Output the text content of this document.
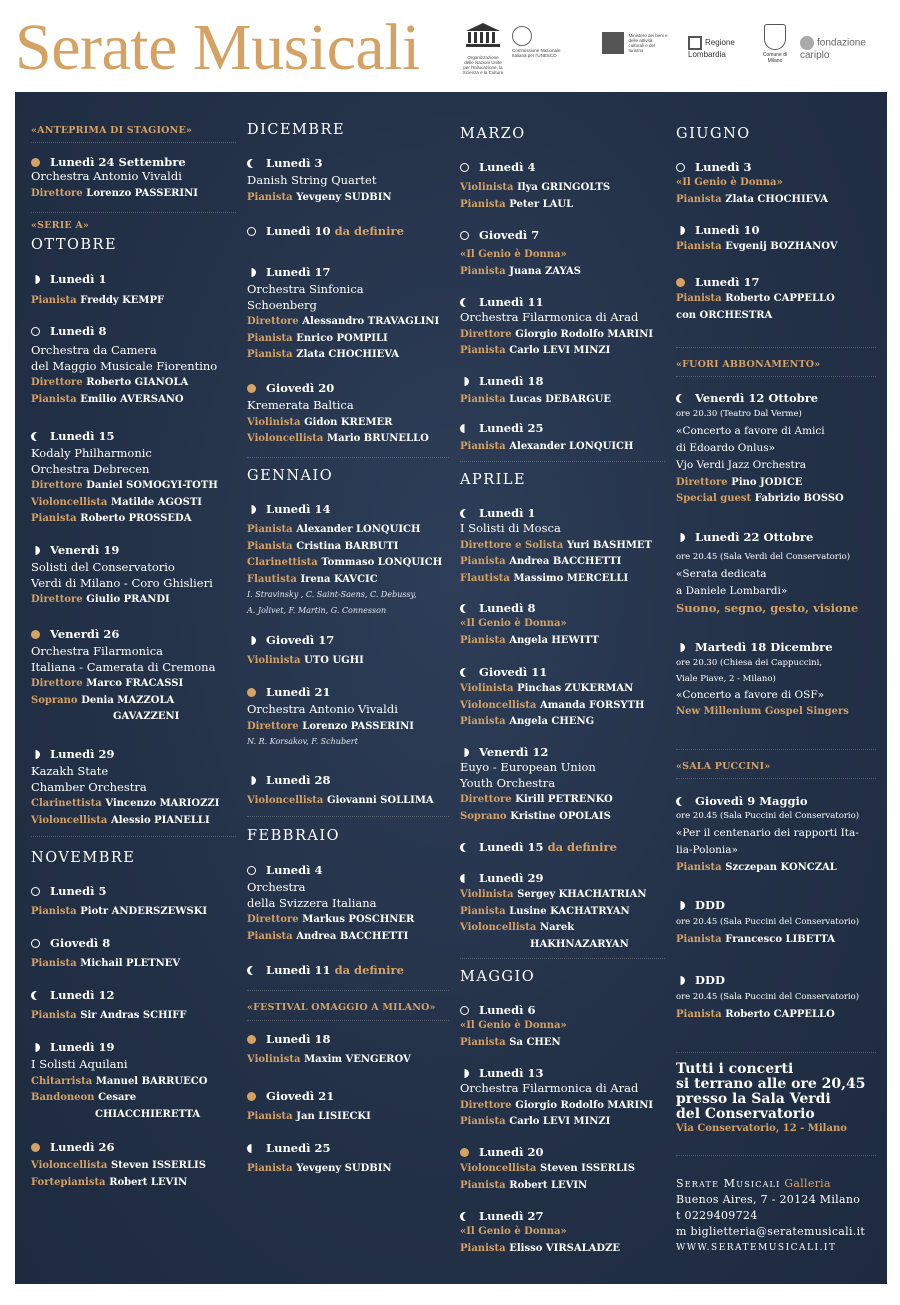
Serate Musicali	Organizzazione delle Nazioni Unite per l'Educazione, la Scienza e la Cultura
Commissione Nazionale Italiana per l'UNESCO
Ministero dei beni e delle attività culturali e del turismo
Regione Lombardia	Comune di Milano
fondazione cariplo
«ANTEPRIMA DI STAGIONE»
Lunedì 24 Settembre
Orchestra Antonio Vivaldi
Direttore Lorenzo PASSERINI
«SERIE A»
OTTOBRE
Lunedì 1
Pianista Freddy KEMPF
Lunedì 8
Orchestra da Camera
del Maggio Musicale Fiorentino
Direttore Roberto GIANOLA
Pianista Emilio AVERSANO
Lunedì 15
Kodaly Philharmonic
Orchestra Debrecen
Direttore Daniel SOMOGYI-TOTH
Violoncellista Matilde AGOSTI
Pianista Roberto PROSSEDA
Venerdì 19
Solisti del Conservatorio
Verdi di Milano - Coro Ghislieri
Direttore Giulio PRANDI
Venerdì 26
Orchestra Filarmonica
Italiana - Camerata di Cremona
Direttore Marco FRACASSI
Soprano Denia MAZZOLA
GAVAZZENI
Lunedì 29
Kazakh State
Chamber Orchestra
Clarinettista Vincenzo MARIOZZI
Violoncellista Alessio PIANELLI
NOVEMBRE
Lunedì 5
Pianista Piotr ANDERSZEWSKI
Giovedì 8
Pianista Michail PLETNEV
Lunedì 12
Pianista Sir Andras SCHIFF
Lunedì 19
I Solisti Aquilani
Chitarrista Manuel BARRUECO
Bandoneon Cesare
CHIACCHIERETTA
Lunedì 26
Violoncellista Steven ISSERLIS
Fortepianista Robert LEVIN
DICEMBRE
Lunedì 3
Danish String Quartet
Pianista Yevgeny SUDBIN
Lunedì 10 da definire
Lunedì 17
Orchestra Sinfonica
Schoenberg
Direttore Alessandro TRAVAGLINI
Pianista Enrico POMPILI
Pianista Zlata CHOCHIEVA
Giovedì 20
Kremerata Baltica
Violinista Gidon KREMER
Violoncellista Mario BRUNELLO
GENNAIO
Lunedì 14
Pianista Alexander LONQUICH
Pianista Cristina BARBUTI
Clarinettista Tommaso LONQUICH
Flautista Irena KAVCIC
I. Stravinsky , C. Saint-Saens, C. Debussy,
A. Jolivet, F. Martin, G. Connesson
Giovedì 17
Violinista UTO UGHI
Lunedì 21
Orchestra Antonio Vivaldi
Direttore Lorenzo PASSERINI
N. R. Korsakov, F. Schubert
Lunedì 28
Violoncellista Giovanni SOLLIMA
FEBBRAIO
Lunedì 4
Orchestra
della Svizzera Italiana
Direttore Markus POSCHNER
Pianista Andrea BACCHETTI
Lunedì 11 da definire
«FESTIVAL OMAGGIO A MILANO»
Lunedì 18
Violinista Maxim VENGEROV
Giovedì 21
Pianista Jan LISIECKI
Lunedì 25
Pianista Yevgeny SUDBIN
MARZO
Lunedì 4
Violinista Ilya GRINGOLTS
Pianista Peter LAUL
Giovedì 7
«Il Genio è Donna»
Pianista Juana ZAYAS
Lunedì 11
Orchestra Filarmonica di Arad
Direttore Giorgio Rodolfo MARINI
Pianista Carlo LEVI MINZI
Lunedì 18
Pianista Lucas DEBARGUE
Lunedì 25
Pianista Alexander LONQUICH
APRILE
Lunedì 1
I Solisti di Mosca
Direttore e Solista Yuri BASHMET
Pianista Andrea BACCHETTI
Flautista Massimo MERCELLI
Lunedì 8
«Il Genio è Donna»
Pianista Angela HEWITT
Giovedì 11
Violinista Pinchas ZUKERMAN
Violoncellista Amanda FORSYTH
Pianista Angela CHENG
Venerdì 12
Euyo - European Union
Youth Orchestra
Direttore Kirill PETRENKO
Soprano Kristine OPOLAIS
Lunedì 15 da definire
Lunedì 29
Violinista Sergey KHACHATRIAN
Pianista Lusine KACHATRYAN
Violoncellista Narek
HAKHNAZARYAN
MAGGIO
Lunedì 6
«Il Genio è Donna»
Pianista Sa CHEN
Lunedì 13
Orchestra Filarmonica di Arad
Direttore Giorgio Rodolfo MARINI
Pianista Carlo LEVI MINZI
Lunedì 20
Violoncellista Steven ISSERLIS
Pianista Robert LEVIN
Lunedì 27
«Il Genio è Donna»
Pianista Elisso VIRSALADZE
GIUGNO
Lunedì 3
«Il Genio è Donna»
Pianista Zlata CHOCHIEVA
Lunedì 10
Pianista Evgenij BOZHANOV
Lunedì 17
Pianista Roberto CAPPELLO
con ORCHESTRA
«FUORI ABBONAMENTO»
Venerdì 12 Ottobre
ore 20.30 (Teatro Dal Verme)
«Concerto a favore di Amici
di Edoardo Onlus»
Vjo Verdi Jazz Orchestra
Direttore Pino JODICE
Special guest Fabrizio BOSSO
Lunedì 22 Ottobre
ore 20.45 (Sala Verdi del Conservatorio)
«Serata dedicata
a Daniele Lombardi»
Suono, segno, gesto, visione
Martedì 18 Dicembre
ore 20.30 (Chiesa dei Cappuccini,
Viale Piave, 2 - Milano)
«Concerto a favore di OSF»
New Millenium Gospel Singers
«SALA PUCCINI»
Giovedì 9 Maggio
ore 20.45 (Sala Puccini del Conservatorio)
«Per il centenario dei rapporti Ita-
lia-Polonia»
Pianista Szczepan KONCZAL
DDD
ore 20.45 (Sala Puccini del Conservatorio)
Pianista Francesco LIBETTA
DDD
ore 20.45 (Sala Puccini del Conservatorio)
Pianista Roberto CAPPELLO
Tutti i concerti
si terrano alle ore 20,45
presso la Sala Verdi
del Conservatorio
Via Conservatorio, 12 - Milano
Serate Musicali Galleria
Buenos Aires, 7 - 20124 Milano
t 0229409724
m biglietteria@seratemusicali.it
WWW.SERATEMUSICALI.IT
